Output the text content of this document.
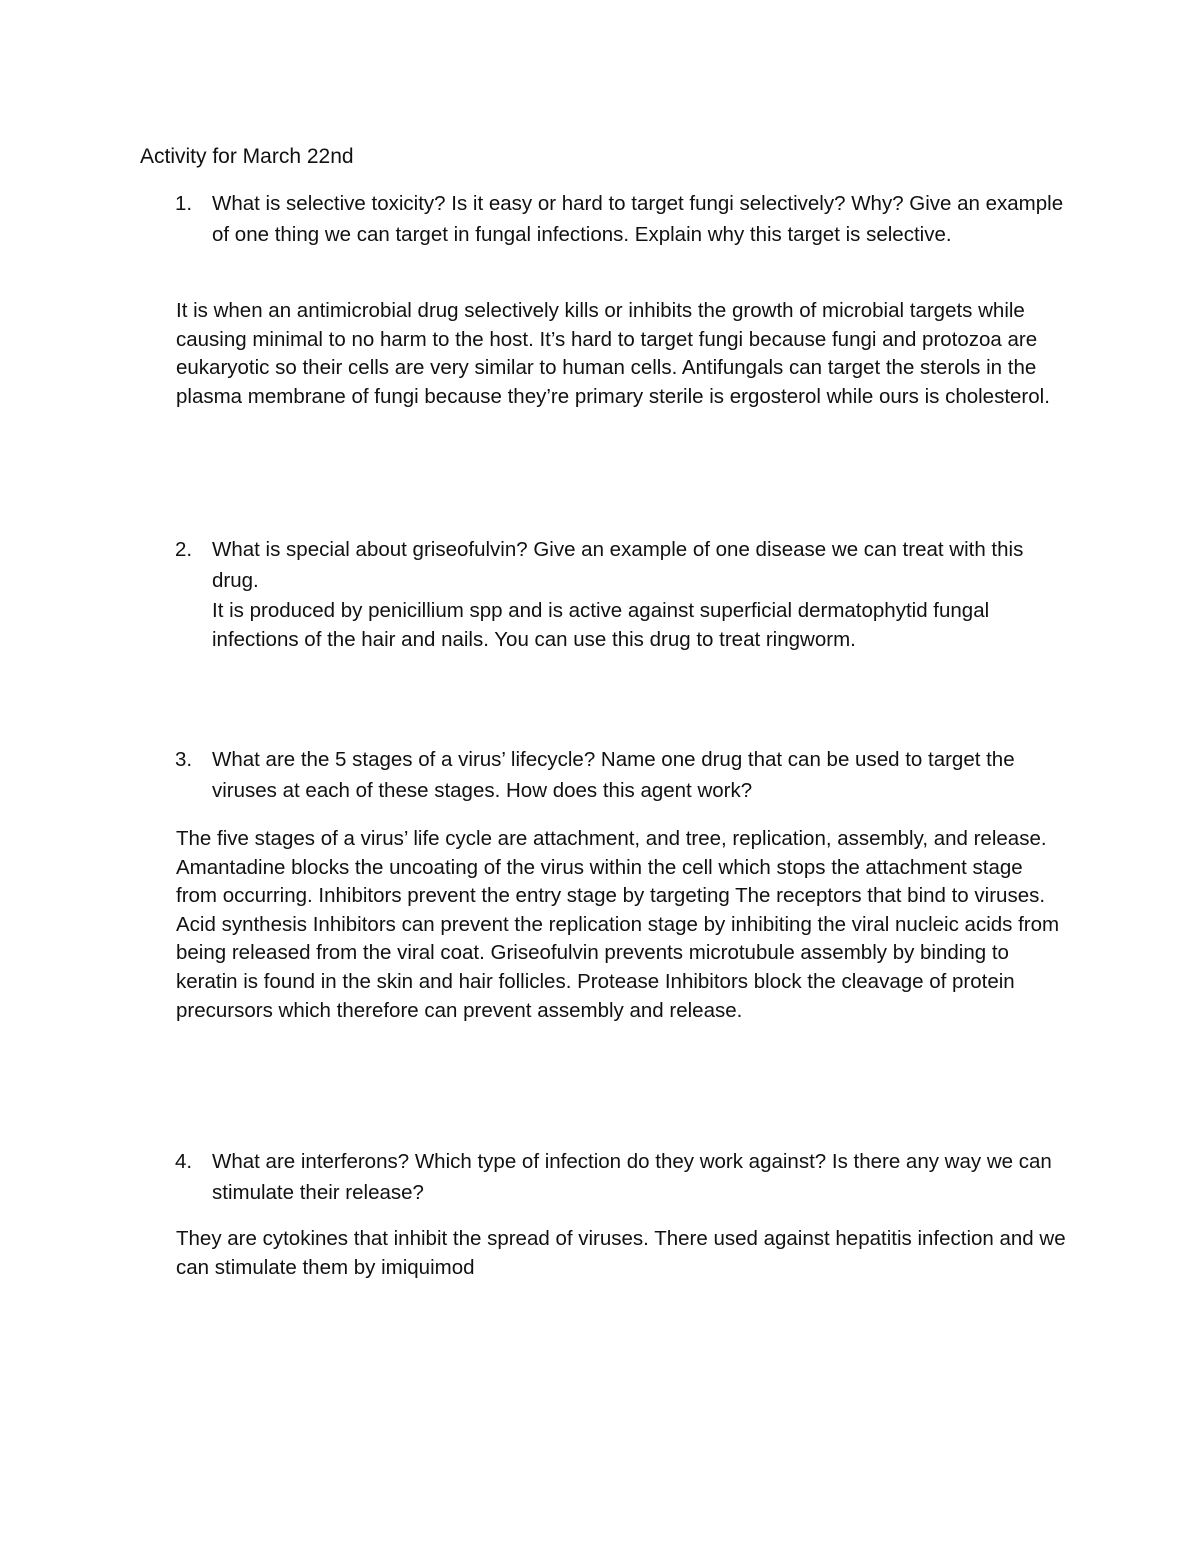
Activity for March 22nd
1. What is selective toxicity? Is it easy or hard to target fungi selectively? Why? Give an example of one thing we can target in fungal infections. Explain why this target is selective.
It is when an antimicrobial drug selectively kills or inhibits the growth of microbial targets while causing minimal to no harm to the host. It’s hard to target fungi because fungi and protozoa are eukaryotic so their cells are very similar to human cells. Antifungals can target the sterols in the plasma membrane of fungi because they’re primary sterile is ergosterol while ours is cholesterol.
2. What is special about griseofulvin? Give an example of one disease we can treat with this drug.
It is produced by penicillium spp and is active against superficial dermatophytid fungal infections of the hair and nails. You can use this drug to treat ringworm.
3. What are the 5 stages of a virus’ lifecycle? Name one drug that can be used to target the viruses at each of these stages. How does this agent work?
The five stages of a virus’ life cycle are attachment, and tree, replication, assembly, and release. Amantadine blocks the uncoating of the virus within the cell which stops the attachment stage from occurring. Inhibitors prevent the entry stage by targeting The receptors that bind to viruses. Acid synthesis Inhibitors can prevent the replication stage by inhibiting the viral nucleic acids from being released from the viral coat. Griseofulvin prevents microtubule assembly by binding to keratin is found in the skin and hair follicles. Protease Inhibitors block the cleavage of protein precursors which therefore can prevent assembly and release.
4. What are interferons? Which type of infection do they work against? Is there any way we can stimulate their release?
They are cytokines that inhibit the spread of viruses. There used against hepatitis infection and we can stimulate them by imiquimod
